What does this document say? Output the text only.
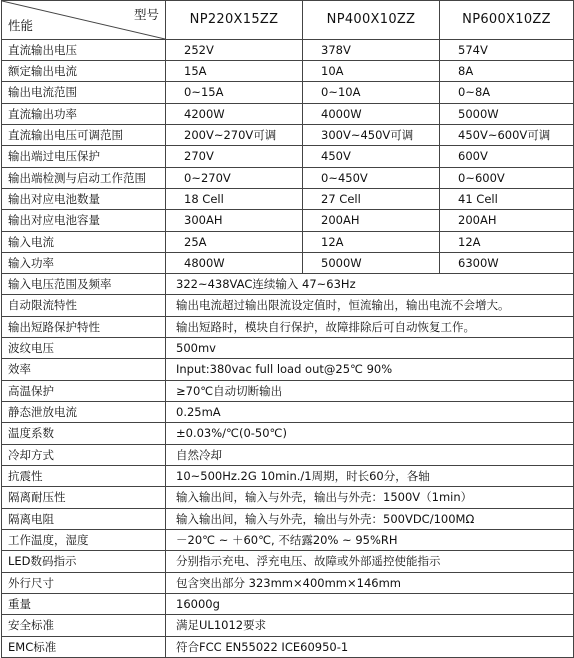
型号
性能	NP220X15ZZ	NP400X10ZZ	NP600X10ZZ
直流输出电压	252V	378V	574V
额定输出电流	15A	10A	8A
输出电流范围	0~15A	0~10A	0~8A
直流输出功率	4200W	4000W	5000W
直流输出电压可调范围	200V~270V可调	300V~450V可调	450V~600V可调
输出端过电压保护	270V	450V	600V
输出端检测与启动工作范围	0~270V	0~450V	0~600V
输出对应电池数量	18 Cell	27 Cell	41 Cell
输出对应电池容量	300AH	200AH	200AH
输入电流	25A	12A	12A
输入功率	4800W	5000W	6300W
输入电压范围及频率	322~438VAC连续输入 47~63Hz		
自动限流特性	输出电流超过输出限流设定值时，恒流输出，输出电流不会增大。		
输出短路保护特性	输出短路时，模块自行保护，故障排除后可自动恢复工作。		
波纹电压	500mv		
效率	Input:380vac full load out@25℃ 90%		
高温保护	≥70℃自动切断输出		
静态泄放电流	0.25mA		
温度系数	±0.03%/℃(0-50℃)		
冷却方式	自然冷却		
抗震性	10~500Hz.2G 10min./1周期，时长60分，各轴		
隔离耐压性	输入输出间，输入与外壳，输出与外壳：1500V（1min）		
隔离电阻	输入输出间，输入与外壳，输出与外壳：500VDC/100MΩ		
工作温度，湿度	－20℃ ~ ＋60℃, 不结露20% ~ 95%RH		
LED数码指示	分别指示充电、浮充电压、故障或外部遥控使能指示		
外行尺寸	包含突出部分 323mm×400mm×146mm		
重量	16000g		
安全标准	满足UL1012要求		
EMC标准	符合FCC EN55022 ICE60950-1		
